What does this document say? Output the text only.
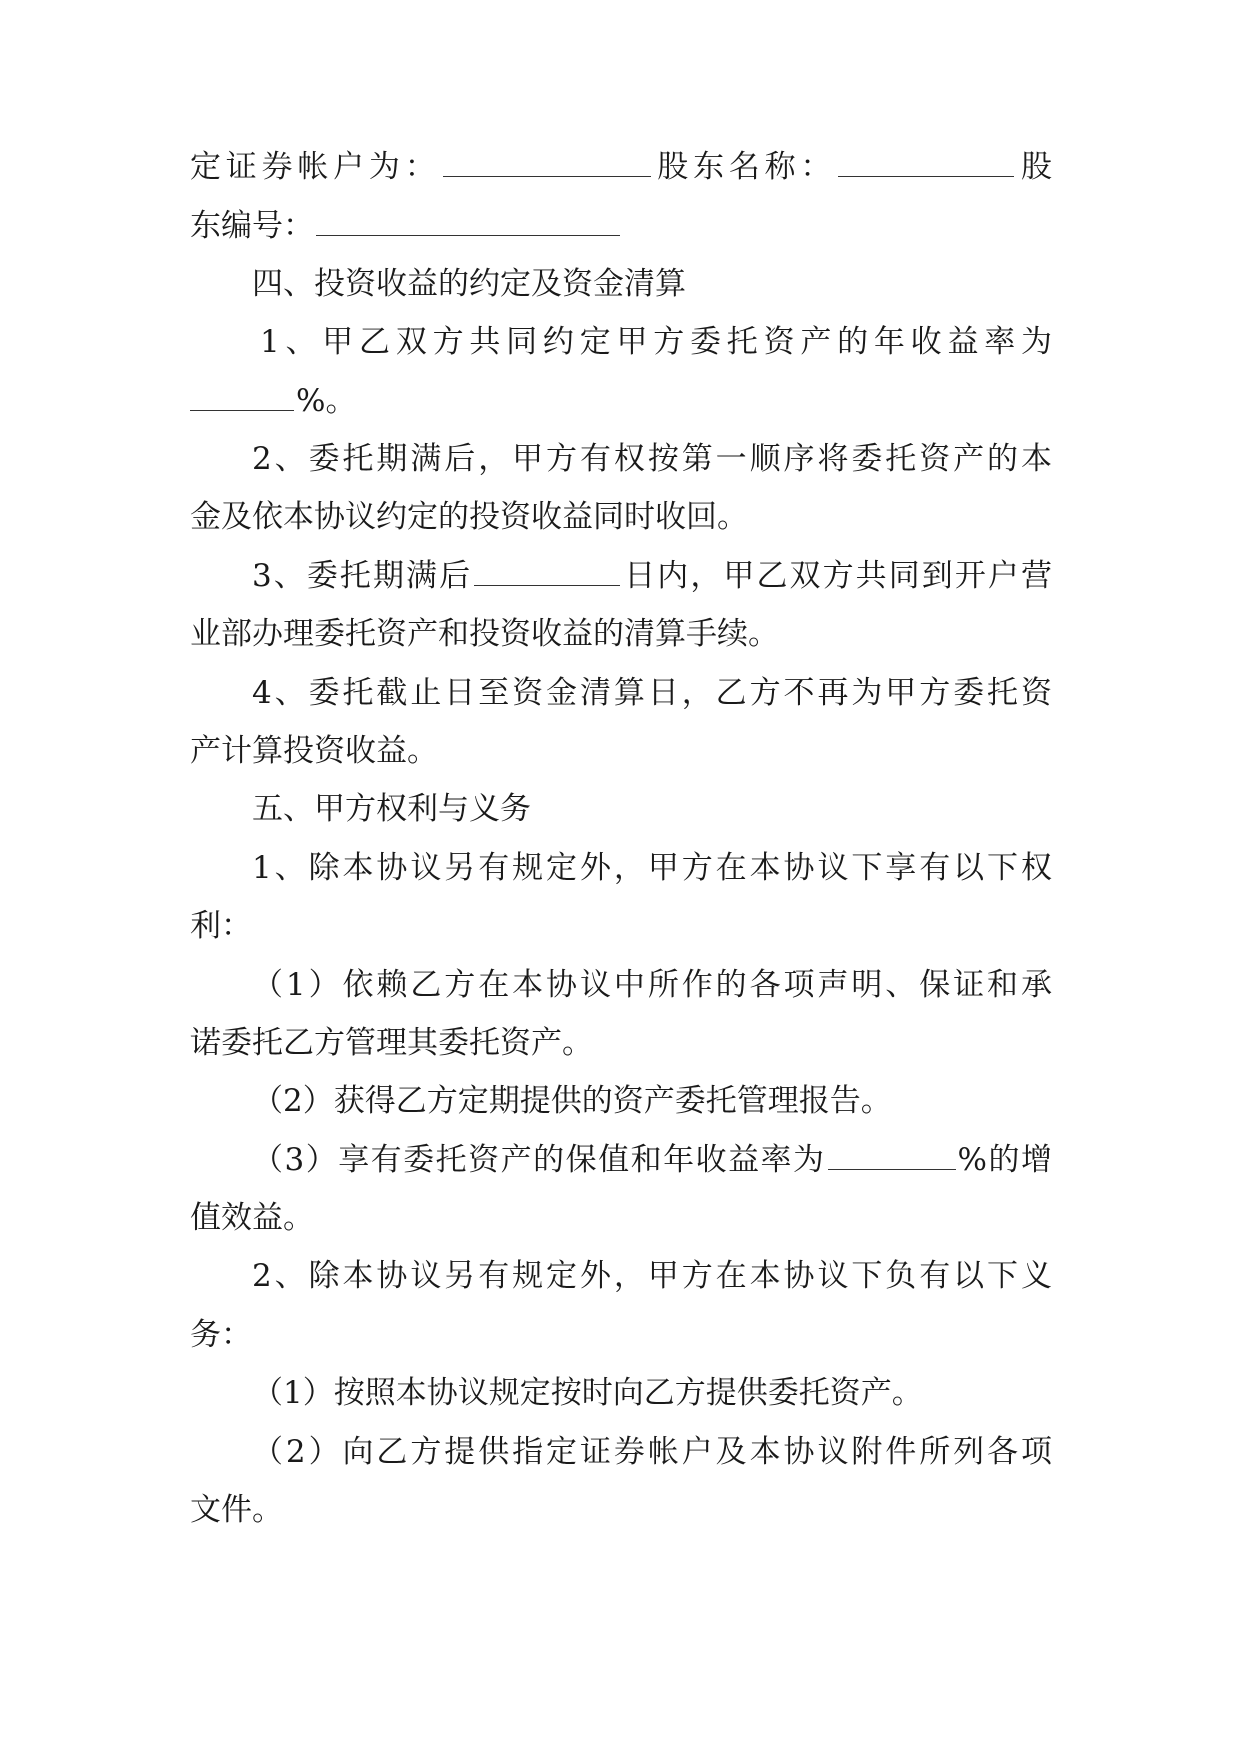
定证券帐户为：	股东名称：	股
东编号：
四、投资收益的约定及资金清算
1、甲乙双方共同约定甲方委托资产的年收益率为
%。
2、委托期满后，甲方有权按第一顺序将委托资产的本
金及依本协议约定的投资收益同时收回。
3、委托期满后	日内，甲乙双方共同到开户营
业部办理委托资产和投资收益的清算手续。
4、委托截止日至资金清算日，乙方不再为甲方委托资
产计算投资收益。
五、甲方权利与义务
1、除本协议另有规定外，甲方在本协议下享有以下权
利：
（1）依赖乙方在本协议中所作的各项声明、保证和承
诺委托乙方管理其委托资产。
（2）获得乙方定期提供的资产委托管理报告。
（3）享有委托资产的保值和年收益率为	%的增
值效益。
2、除本协议另有规定外，甲方在本协议下负有以下义
务：
（1）按照本协议规定按时向乙方提供委托资产。
（2）向乙方提供指定证券帐户及本协议附件所列各项
文件。
